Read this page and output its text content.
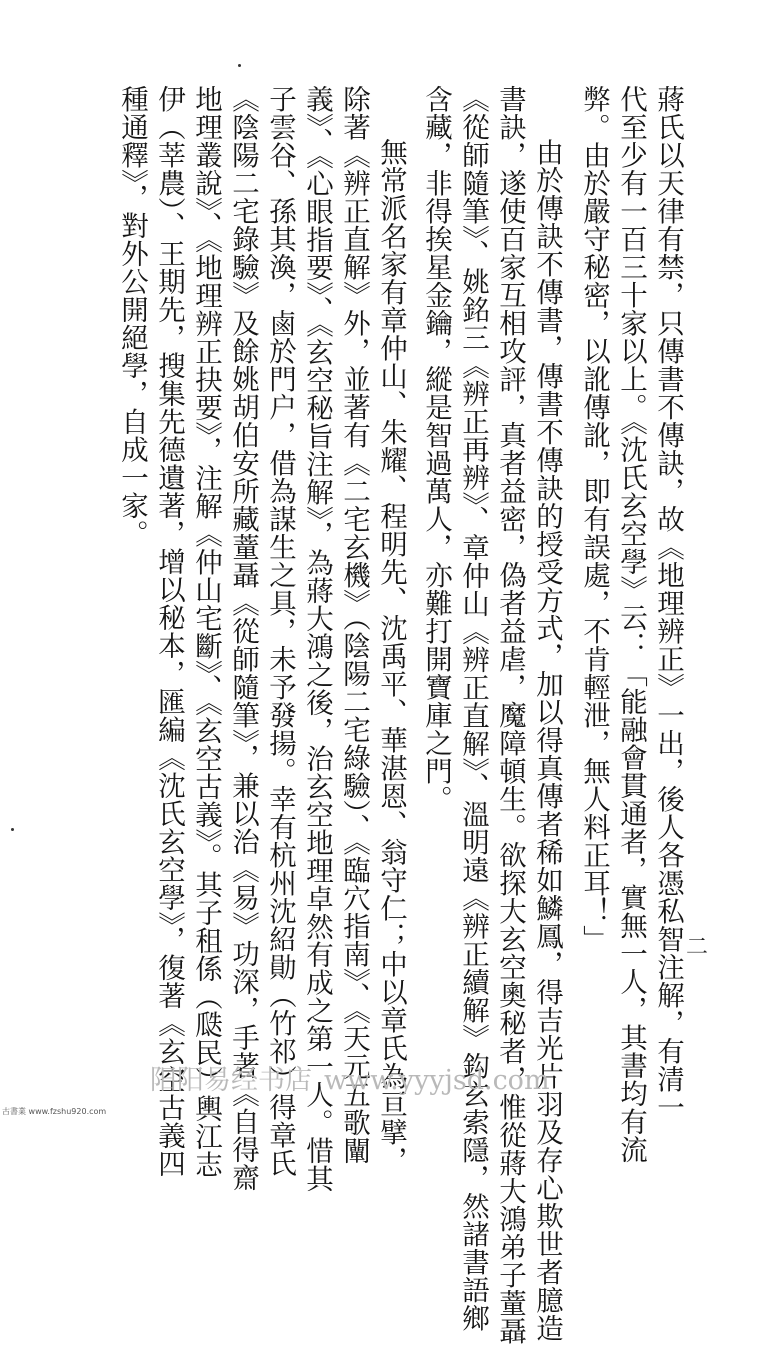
蔣氏以天律有禁，只傳書不傳訣，故《地理辨正》一出，後人各憑私智注解，有清一
代至少有一百三十家以上。《沈氏玄空學》云：「能融會貫通者，實無一人，其書均有流
弊。由於嚴守秘密，以訛傳訛，即有誤處，不肯輕泄，無人料正耳！」
由於傳訣不傳書，傳書不傳訣的授受方式，加以得真傳者稀如鱗鳳，得吉光片羽及存心欺世者臆造
書訣，遂使百家互相攻評，真者益密，偽者益虐，魔障頓生。欲探大玄空奧秘者，惟從蔣大鴻弟子蕫聶
《從師隨筆》、姚銘三《辨正再辨》、章仲山《辨正直解》、溫明遠《辨正續解》鈎玄索隱，然諸書語鄉
含藏，非得挨星金鑰，縱是智過萬人，亦難打開寶庫之門。
無常派名家有章仲山、朱耀、程明先、沈禹平、華湛恩、翁守仁；中以章氏為亘擘，
除著《辨正直解》外，並著有《二宅玄機》（陰陽二宅綠驗）、《臨穴指南》、《天元五歌闡
義》、《心眼指要》、《玄空秘旨注解》，為蔣大鴻之後，治玄空地理卓然有成之第一人。惜其
子雲谷、孫其渙，鹵於門户，借為謀生之具，未予發揚。幸有杭州沈紹勛（竹祁）得章氏
《陰陽二宅錄驗》及餘姚胡伯安所藏蕫聶《從師隨筆》，兼以治《易》功深，手著《自得齋
地理叢說》、《地理辨正抉要》，注解《仲山宅斷》、《玄空古義》。其子租係（瓞民）輿江志
伊（莘農）、王期先，搜集先德遺著，增以秘本，匯編《沈氏玄空學》，復著《玄空古義四
種通釋》，對外公開絕學，自成一家。
二
阳阳易经书店 www.yyyjsd.com
古書業 www.fzshu920.com
